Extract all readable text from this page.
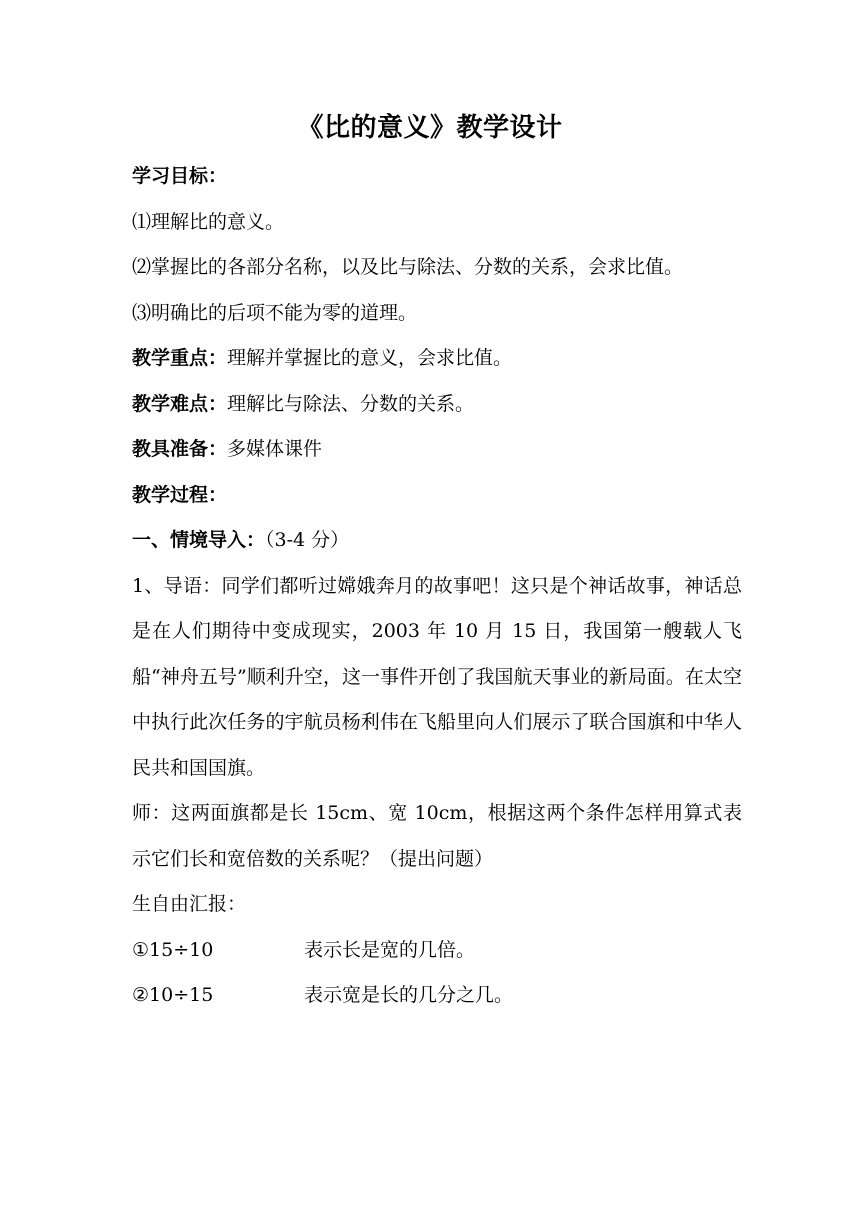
《比的意义》教学设计
学习目标：
⑴理解比的意义。
⑵掌握比的各部分名称，以及比与除法、分数的关系，会求比值。
⑶明确比的后项不能为零的道理。
教学重点：理解并掌握比的意义，会求比值。
教学难点：理解比与除法、分数的关系。
教具准备：多媒体课件
教学过程：
一、情境导入：（3-4 分）
1、导语：同学们都听过嫦娥奔月的故事吧！这只是个神话故事，神话总是在人们期待中变成现实，2003 年 10 月 15 日，我国第一艘载人飞船“神舟五号”顺利升空，这一事件开创了我国航天事业的新局面。在太空中执行此次任务的宇航员杨利伟在飞船里向人们展示了联合国旗和中华人民共和国国旗。
师：这两面旗都是长 15cm、宽 10cm，根据这两个条件怎样用算式表示它们长和宽倍数的关系呢？（提出问题）
生自由汇报：
①15÷10	表示长是宽的几倍。
②10÷15	表示宽是长的几分之几。
